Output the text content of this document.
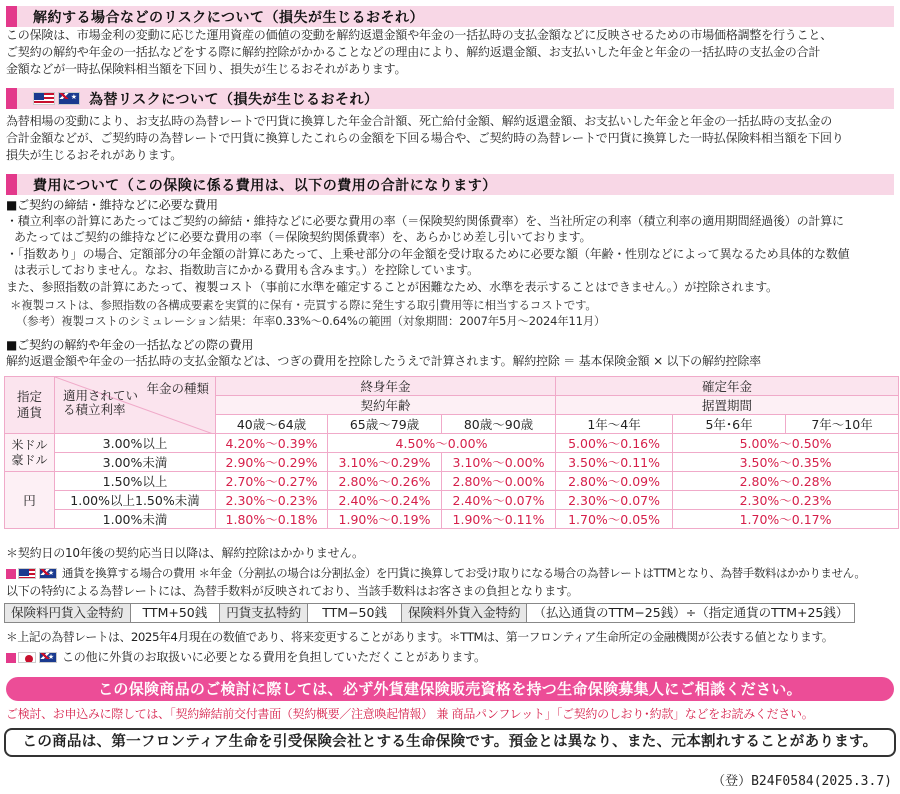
解約する場合などのリスクについて（損失が生じるおそれ）
この保険は、市場金利の変動に応じた運用資産の価値の変動を解約返還金額や年金の一括払時の支払金額などに反映させるための市場価格調整を行うこと、
ご契約の解約や年金の一括払などをする際に解約控除がかかることなどの理由により、解約返還金額、お支払いした年金と年金の一括払時の支払金の合計
金額などが一時払保険料相当額を下回り、損失が生じるおそれがあります。
★
為替リスクについて（損失が生じるおそれ）
為替相場の変動により、お支払時の為替レートで円貨に換算した年金合計額、死亡給付金額、解約返還金額、お支払いした年金と年金の一括払時の支払金の
合計金額などが、ご契約時の為替レートで円貨に換算したこれらの金額を下回る場合や、ご契約時の為替レートで円貨に換算した一時払保険料相当額を下回り
損失が生じるおそれがあります。
費用について（この保険に係る費用は、以下の費用の合計になります）
■ご契約の締結・維持などに必要な費用
・積立利率の計算にあたってはご契約の締結・維持などに必要な費用の率（＝保険契約関係費率）を、当社所定の利率（積立利率の適用期間経過後）の計算に
あたってはご契約の維持などに必要な費用の率（＝保険契約関係費率）を、あらかじめ差し引いております。
・「指数あり」の場合、定額部分の年金額の計算にあたって、上乗せ部分の年金額を受け取るために必要な額（年齢・性別などによって異なるため具体的な数値
は表示しておりません。なお、指数助言にかかる費用も含みます。）を控除しています。
また、参照指数の計算にあたって、複製コスト（事前に水準を確定することが困難なため、水準を表示することはできません。）が控除されます。
＊複製コストは、参照指数の各構成要素を実質的に保有・売買する際に発生する取引費用等に相当するコストです。
（参考）複製コストのシミュレーション結果：年率0.33%～0.64%の範囲（対象期間：2007年5月～2024年11月）
■ご契約の解約や年金の一括払などの際の費用
解約返還金額や年金の一括払時の支払金額などは、つぎの費用を控除したうえで計算されます。解約控除 ＝ 基本保険金額 × 以下の解約控除率
指定通貨	年金の種類
適用されている積立利率	終身年金			確定年金		
		契約年齢			据置期間		
		40歳～64歳	65歳～79歳	80歳～90歳	1年～4年	5年･6年	7年～10年
米ドル豪ドル	3.00%以上	4.20%～0.39%	4.50%～0.00%		5.00%～0.16%	5.00%～0.50%	
	3.00%未満	2.90%～0.29%	3.10%～0.29%	3.10%～0.00%	3.50%～0.11%	3.50%～0.35%	
円	1.50%以上	2.70%～0.27%	2.80%～0.26%	2.80%～0.00%	2.80%～0.09%	2.80%～0.28%	
	1.00%以上1.50%未満	2.30%～0.23%	2.40%～0.24%	2.40%～0.07%	2.30%～0.07%	2.30%～0.23%	
	1.00%未満	1.80%～0.18%	1.90%～0.19%	1.90%～0.11%	1.70%～0.05%	1.70%～0.17%	
＊契約日の10年後の契約応当日以降は、解約控除はかかりません。
★
通貨を換算する場合の費用 ＊年金（分割払の場合は分割払金）を円貨に換算してお受け取りになる場合の為替レートはTTMとなり、為替手数料はかかりません。
以下の特約による為替レートには、為替手数料が反映されており、当該手数料はお客さまの負担となります。
保険料円貨入金特約	TTM+50銭	円貨支払特約	TTM−50銭	保険料外貨入金特約	（払込通貨のTTM−25銭）÷（指定通貨のTTM+25銭）
＊上記の為替レートは、2025年4月現在の数値であり、将来変更することがあります。＊TTMは、第一フロンティア生命所定の金融機関が公表する値となります。
★
この他に外貨のお取扱いに必要となる費用を負担していただくことがあります。
この保険商品のご検討に際しては、必ず外貨建保険販売資格を持つ生命保険募集人にご相談ください。
ご検討、お申込みに際しては、「契約締結前交付書面（契約概要／注意喚起情報） 兼 商品パンフレット」「ご契約のしおり･約款」などをお読みください。
この商品は、第一フロンティア生命を引受保険会社とする生命保険です。預金とは異なり、また、元本割れすることがあります。
（登）B24F0584(2025.3.7)
